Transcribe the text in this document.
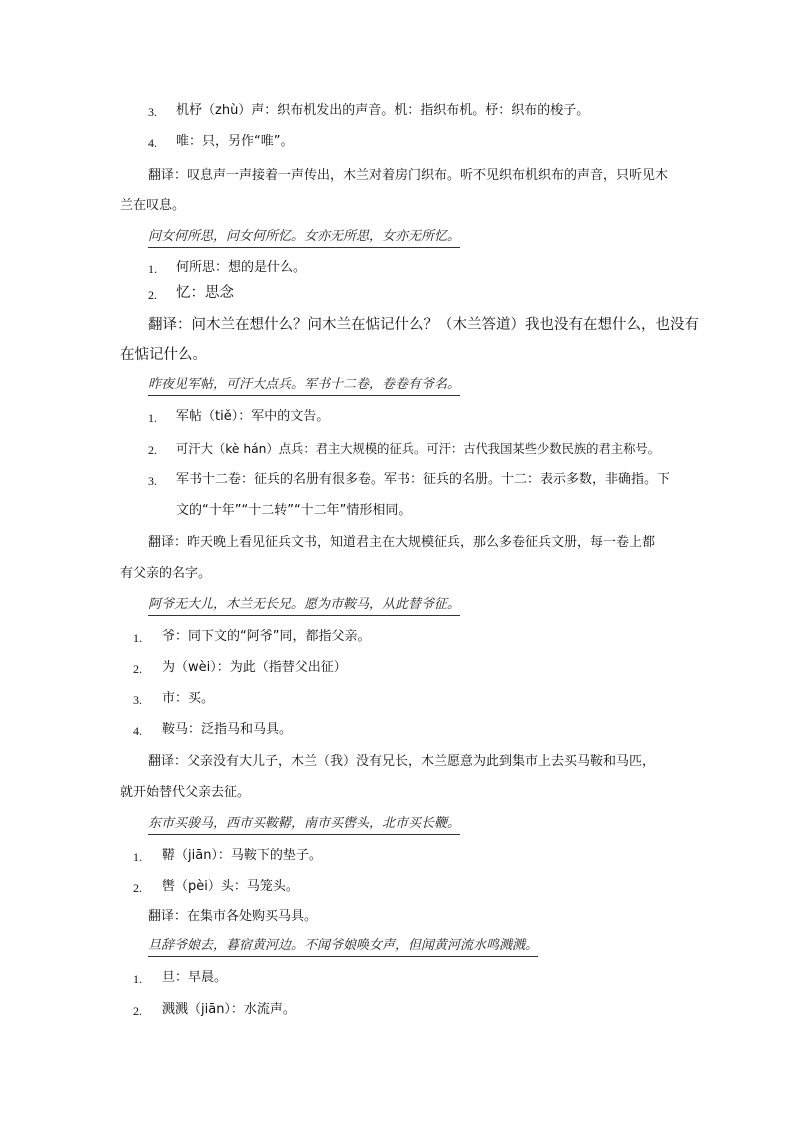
3. 机杼（zhù）声：织布机发出的声音。机：指织布机。杼：织布的梭子。
4. 唯：只，另作“唯”。
翻译：叹息声一声接着一声传出，木兰对着房门织布。听不见织布机织布的声音，只听见木
兰在叹息。
问女何所思，问女何所忆。女亦无所思，女亦无所忆。
1. 何所思：想的是什么。
2. 忆：思念
翻译：问木兰在想什么？问木兰在惦记什么？（木兰答道）我也没有在想什么，也没有
在惦记什么。
昨夜见军帖，可汗大点兵。军书十二卷，卷卷有爷名。
1. 军帖（tiě）：军中的文告。
2. 可汗大（kè hán）点兵：君主大规模的征兵。可汗：古代我国某些少数民族的君主称号。
3. 军书十二卷：征兵的名册有很多卷。军书：征兵的名册。十二：表示多数，非确指。下
文的“十年”“十二转”“十二年”情形相同。
翻译：昨天晚上看见征兵文书，知道君主在大规模征兵，那么多卷征兵文册，每一卷上都
有父亲的名字。
阿爷无大儿，木兰无长兄。愿为市鞍马，从此替爷征。
1. 爷：同下文的“阿爷”同，都指父亲。
2. 为（wèi）：为此（指替父出征）
3. 市：买。
4. 鞍马：泛指马和马具。
翻译：父亲没有大儿子，木兰（我）没有兄长，木兰愿意为此到集市上去买马鞍和马匹，
就开始替代父亲去征。
东市买骏马，西市买鞍鞯，南市买辔头，北市买长鞭。
1. 鞯（jiān）：马鞍下的垫子。
2. 辔（pèi）头：马笼头。
翻译：在集市各处购买马具。
旦辞爷娘去，暮宿黄河边。不闻爷娘唤女声，但闻黄河流水鸣溅溅。
1. 旦：早晨。
2. 溅溅（jiān）：水流声。
